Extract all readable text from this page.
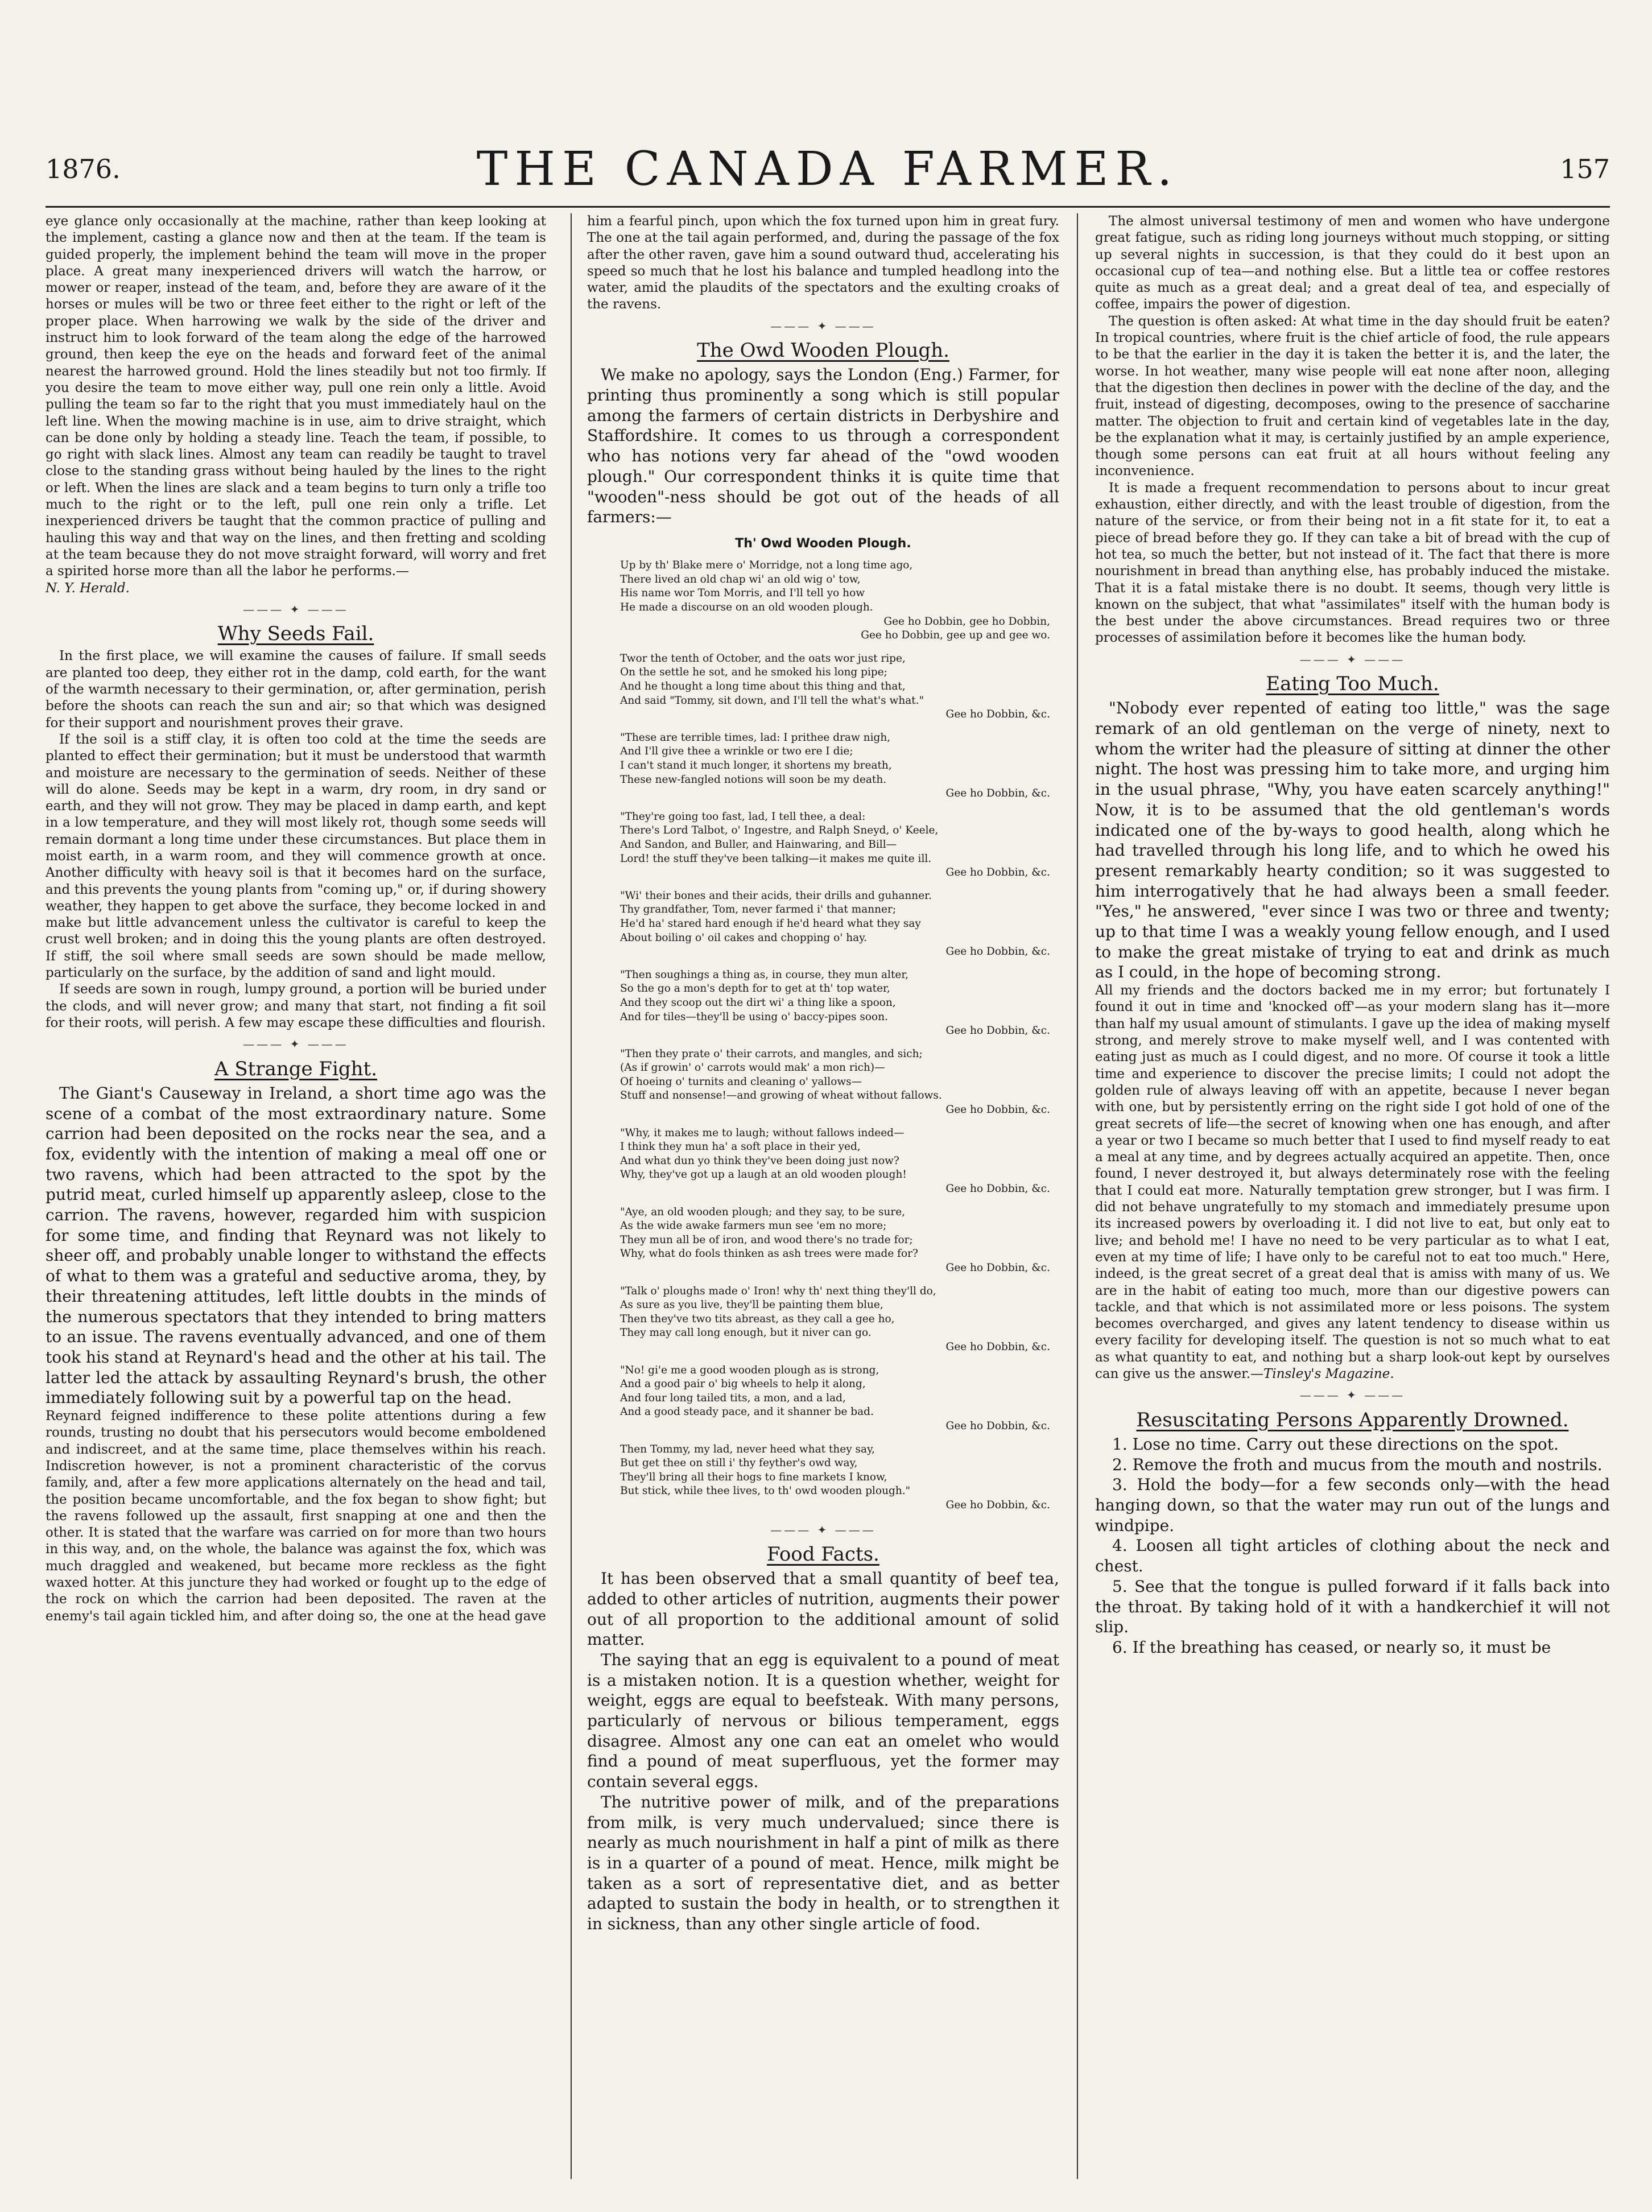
1876.	THE CANADA FARMER.	157

eye glance only occasionally at the machine, rather than keep looking at the implement, casting a glance now and then at the team. If the team is guided properly, the implement behind the team will move in the proper place. A great many inexperienced drivers will watch the harrow, or mower or reaper, instead of the team, and, before they are aware of it the horses or mules will be two or three feet either to the right or left of the proper place. When harrowing we walk by the side of the driver and instruct him to look forward of the team along the edge of the harrowed ground, then keep the eye on the heads and forward feet of the animal nearest the harrowed ground. Hold the lines steadily but not too firmly. If you desire the team to move either way, pull one rein only a little. Avoid pulling the team so far to the right that you must immediately haul on the left line. When the mowing machine is in use, aim to drive straight, which can be done only by holding a steady line. Teach the team, if possible, to go right with slack lines. Almost any team can readily be taught to travel close to the standing grass without being hauled by the lines to the right or left. When the lines are slack and a team begins to turn only a trifle too much to the right or to the left, pull one rein only a trifle. Let inexperienced drivers be taught that the common practice of pulling and hauling this way and that way on the lines, and then fretting and scolding at the team because they do not move straight forward, will worry and fret a spirited horse more than all the labor he performs.—

N. Y. Herald.

——— ✦ ———
Why Seeds Fail.

In the first place, we will examine the causes of failure. If small seeds are planted too deep, they either rot in the damp, cold earth, for the want of the warmth necessary to their germination, or, after germination, perish before the shoots can reach the sun and air; so that which was designed for their support and nourishment proves their grave.

If the soil is a stiff clay, it is often too cold at the time the seeds are planted to effect their germination; but it must be understood that warmth and moisture are necessary to the germination of seeds. Neither of these will do alone. Seeds may be kept in a warm, dry room, in dry sand or earth, and they will not grow. They may be placed in damp earth, and kept in a low temperature, and they will most likely rot, though some seeds will remain dormant a long time under these circumstances. But place them in moist earth, in a warm room, and they will commence growth at once. Another difficulty with heavy soil is that it becomes hard on the surface, and this prevents the young plants from "coming up," or, if during showery weather, they happen to get above the surface, they become locked in and make but little advancement unless the cultivator is careful to keep the crust well broken; and in doing this the young plants are often destroyed. If stiff, the soil where small seeds are sown should be made mellow, particularly on the surface, by the addition of sand and light mould.

If seeds are sown in rough, lumpy ground, a portion will be buried under the clods, and will never grow; and many that start, not finding a fit soil for their roots, will perish. A few may escape these difficulties and flourish.

——— ✦ ———
A Strange Fight.

The Giant's Causeway in Ireland, a short time ago was the scene of a combat of the most extraordinary nature. Some carrion had been deposited on the rocks near the sea, and a fox, evidently with the intention of making a meal off one or two ravens, which had been attracted to the spot by the putrid meat, curled himself up apparently asleep, close to the carrion. The ravens, however, regarded him with suspicion for some time, and finding that Reynard was not likely to sheer off, and probably unable longer to withstand the effects of what to them was a grateful and seductive aroma, they, by their threatening attitudes, left little doubts in the minds of the numerous spectators that they intended to bring matters to an issue. The ravens eventually advanced, and one of them took his stand at Reynard's head and the other at his tail. The latter led the attack by assaulting Reynard's brush, the other immediately following suit by a powerful tap on the head.

Reynard feigned indifference to these polite attentions during a few rounds, trusting no doubt that his persecutors would become emboldened and indiscreet, and at the same time, place themselves within his reach. Indiscretion however, is not a prominent characteristic of the corvus family, and, after a few more applications alternately on the head and tail, the position became uncomfortable, and the fox began to show fight; but the ravens followed up the assault, first snapping at one and then the other. It is stated that the warfare was carried on for more than two hours in this way, and, on the whole, the balance was against the fox, which was much draggled and weakened, but became more reckless as the fight waxed hotter. At this juncture they had worked or fought up to the edge of the rock on which the carrion had been deposited. The raven at the enemy's tail again tickled him, and after doing so, the one at the head gave

him a fearful pinch, upon which the fox turned upon him in great fury. The one at the tail again performed, and, during the passage of the fox after the other raven, gave him a sound outward thud, accelerating his speed so much that he lost his balance and tumpled headlong into the water, amid the plaudits of the spectators and the exulting croaks of the ravens.

——— ✦ ———
The Owd Wooden Plough.

We make no apology, says the London (Eng.) Farmer, for printing thus prominently a song which is still popular among the farmers of certain districts in Derbyshire and Staffordshire. It comes to us through a correspondent who has notions very far ahead of the "owd wooden plough." Our correspondent thinks it is quite time that "wooden"-ness should be got out of the heads of all farmers:—

Th' Owd Wooden Plough.
Up by th' Blake mere o' Morridge, not a long time ago,
There lived an old chap wi' an old wig o' tow,
His name wor Tom Morris, and I'll tell yo how
He made a discourse on an old wooden plough.
Gee ho Dobbin, gee ho Dobbin,
Gee ho Dobbin, gee up and gee wo.
Twor the tenth of October, and the oats wor just ripe,
On the settle he sot, and he smoked his long pipe;
And he thought a long time about this thing and that,
And said "Tommy, sit down, and I'll tell the what's what."
Gee ho Dobbin, &c.
"These are terrible times, lad: I prithee draw nigh,
And I'll give thee a wrinkle or two ere I die;
I can't stand it much longer, it shortens my breath,
These new-fangled notions will soon be my death.
Gee ho Dobbin, &c.
"They're going too fast, lad, I tell thee, a deal:
There's Lord Talbot, o' Ingestre, and Ralph Sneyd, o' Keele,
And Sandon, and Buller, and Hainwaring, and Bill—
Lord! the stuff they've been talking—it makes me quite ill.
Gee ho Dobbin, &c.
"Wi' their bones and their acids, their drills and guhanner.
Thy grandfather, Tom, never farmed i' that manner;
He'd ha' stared hard enough if he'd heard what they say
About boiling o' oil cakes and chopping o' hay.
Gee ho Dobbin, &c.
"Then soughings a thing as, in course, they mun alter,
So the go a mon's depth for to get at th' top water,
And they scoop out the dirt wi' a thing like a spoon,
And for tiles—they'll be using o' baccy-pipes soon.
Gee ho Dobbin, &c.
"Then they prate o' their carrots, and mangles, and sich;
(As if growin' o' carrots would mak' a mon rich)—
Of hoeing o' turnits and cleaning o' yallows—
Stuff and nonsense!—and growing of wheat without fallows.
Gee ho Dobbin, &c.
"Why, it makes me to laugh; without fallows indeed—
I think they mun ha' a soft place in their yed,
And what dun yo think they've been doing just now?
Why, they've got up a laugh at an old wooden plough!
Gee ho Dobbin, &c.
"Aye, an old wooden plough; and they say, to be sure,
As the wide awake farmers mun see 'em no more;
They mun all be of iron, and wood there's no trade for;
Why, what do fools thinken as ash trees were made for?
Gee ho Dobbin, &c.
"Talk o' ploughs made o' Iron! why th' next thing they'll do,
As sure as you live, they'll be painting them blue,
Then they've two tits abreast, as they call a gee ho,
They may call long enough, but it niver can go.
Gee ho Dobbin, &c.
"No! gi'e me a good wooden plough as is strong,
And a good pair o' big wheels to help it along,
And four long tailed tits, a mon, and a lad,
And a good steady pace, and it shanner be bad.
Gee ho Dobbin, &c.
Then Tommy, my lad, never heed what they say,
But get thee on still i' thy feyther's owd way,
They'll bring all their hogs to fine markets I know,
But stick, while thee lives, to th' owd wooden plough."
Gee ho Dobbin, &c.
——— ✦ ———
Food Facts.

It has been observed that a small quantity of beef tea, added to other articles of nutrition, augments their power out of all proportion to the additional amount of solid matter.

The saying that an egg is equivalent to a pound of meat is a mistaken notion. It is a question whether, weight for weight, eggs are equal to beefsteak. With many persons, particularly of nervous or bilious temperament, eggs disagree. Almost any one can eat an omelet who would find a pound of meat superfluous, yet the former may contain several eggs.

The nutritive power of milk, and of the preparations from milk, is very much undervalued; since there is nearly as much nourishment in half a pint of milk as there is in a quarter of a pound of meat. Hence, milk might be taken as a sort of representative diet, and as better adapted to sustain the body in health, or to strengthen it in sickness, than any other single article of food.

The almost universal testimony of men and women who have undergone great fatigue, such as riding long journeys without much stopping, or sitting up several nights in succession, is that they could do it best upon an occasional cup of tea—and nothing else. But a little tea or coffee restores quite as much as a great deal; and a great deal of tea, and especially of coffee, impairs the power of digestion.

The question is often asked: At what time in the day should fruit be eaten? In tropical countries, where fruit is the chief article of food, the rule appears to be that the earlier in the day it is taken the better it is, and the later, the worse. In hot weather, many wise people will eat none after noon, alleging that the digestion then declines in power with the decline of the day, and the fruit, instead of digesting, decomposes, owing to the presence of saccharine matter. The objection to fruit and certain kind of vegetables late in the day, be the explanation what it may, is certainly justified by an ample experience, though some persons can eat fruit at all hours without feeling any inconvenience.

It is made a frequent recommendation to persons about to incur great exhaustion, either directly, and with the least trouble of digestion, from the nature of the service, or from their being not in a fit state for it, to eat a piece of bread before they go. If they can take a bit of bread with the cup of hot tea, so much the better, but not instead of it. The fact that there is more nourishment in bread than anything else, has probably induced the mistake. That it is a fatal mistake there is no doubt. It seems, though very little is known on the subject, that what "assimilates" itself with the human body is the best under the above circumstances. Bread requires two or three processes of assimilation before it becomes like the human body.

——— ✦ ———
Eating Too Much.

"Nobody ever repented of eating too little," was the sage remark of an old gentleman on the verge of ninety, next to whom the writer had the pleasure of sitting at dinner the other night. The host was pressing him to take more, and urging him in the usual phrase, "Why, you have eaten scarcely anything!" Now, it is to be assumed that the old gentleman's words indicated one of the by-ways to good health, along which he had travelled through his long life, and to which he owed his present remarkably hearty condition; so it was suggested to him interrogatively that he had always been a small feeder. "Yes," he answered, "ever since I was two or three and twenty; up to that time I was a weakly young fellow enough, and I used to make the great mistake of trying to eat and drink as much as I could, in the hope of becoming strong.

All my friends and the doctors backed me in my error; but fortunately I found it out in time and 'knocked off'—as your modern slang has it—more than half my usual amount of stimulants. I gave up the idea of making myself strong, and merely strove to make myself well, and I was contented with eating just as much as I could digest, and no more. Of course it took a little time and experience to discover the precise limits; I could not adopt the golden rule of always leaving off with an appetite, because I never began with one, but by persistently erring on the right side I got hold of one of the great secrets of life—the secret of knowing when one has enough, and after a year or two I became so much better that I used to find myself ready to eat a meal at any time, and by degrees actually acquired an appetite. Then, once found, I never destroyed it, but always determinately rose with the feeling that I could eat more. Naturally temptation grew stronger, but I was firm. I did not behave ungratefully to my stomach and immediately presume upon its increased powers by overloading it. I did not live to eat, but only eat to live; and behold me! I have no need to be very particular as to what I eat, even at my time of life; I have only to be careful not to eat too much." Here, indeed, is the great secret of a great deal that is amiss with many of us. We are in the habit of eating too much, more than our digestive powers can tackle, and that which is not assimilated more or less poisons. The system becomes overcharged, and gives any latent tendency to disease within us every facility for developing itself. The question is not so much what to eat as what quantity to eat, and nothing but a sharp look-out kept by ourselves can give us the answer.—Tinsley's Magazine.

——— ✦ ———
Resuscitating Persons Apparently Drowned.

1. Lose no time. Carry out these directions on the spot.

2. Remove the froth and mucus from the mouth and nostrils.

3. Hold the body—for a few seconds only—with the head hanging down, so that the water may run out of the lungs and windpipe.

4. Loosen all tight articles of clothing about the neck and chest.

5. See that the tongue is pulled forward if it falls back into the throat. By taking hold of it with a handkerchief it will not slip.

6. If the breathing has ceased, or nearly so, it must be
